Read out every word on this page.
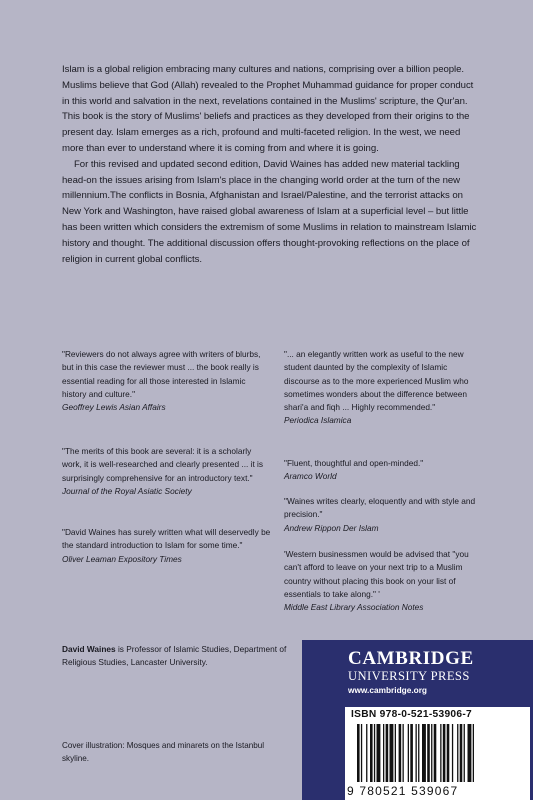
Islam is a global religion embracing many cultures and nations, comprising over a billion people. Muslims believe that God (Allah) revealed to the Prophet Muhammad guidance for proper conduct in this world and salvation in the next, revelations contained in the Muslims' scripture, the Qur'an. This book is the story of Muslims' beliefs and practices as they developed from their origins to the present day. Islam emerges as a rich, profound and multi-faceted religion. In the west, we need more than ever to understand where it is coming from and where it is going.

For this revised and updated second edition, David Waines has added new material tackling head-on the issues arising from Islam's place in the changing world order at the turn of the new millennium.The conflicts in Bosnia, Afghanistan and Israel/Palestine, and the terrorist attacks on New York and Washington, have raised global awareness of Islam at a superficial level – but little has been written which considers the extremism of some Muslims in relation to mainstream Islamic history and thought. The additional discussion offers thought-provoking reflections on the place of religion in current global conflicts.

"Reviewers do not always agree with writers of blurbs, but in this case the reviewer must ... the book really is essential reading for all those interested in Islamic history and culture."

Geoffrey Lewis Asian Affairs

"The merits of this book are several: it is a scholarly work, it is well-researched and clearly presented ... it is surprisingly comprehensive for an introductory text."

Journal of the Royal Asiatic Society

"David Waines has surely written what will deservedly be the standard introduction to Islam for some time."

Oliver Leaman Expository Times

"... an elegantly written work as useful to the new student daunted by the complexity of Islamic discourse as to the more experienced Muslim who sometimes wonders about the difference between shari'a and fiqh ... Highly recommended."

Periodica Islamica

"Fluent, thoughtful and open-minded."

Aramco World

"Waines writes clearly, eloquently and with style and precision."

Andrew Rippon Der Islam

'Western businessmen would be advised that "you can't afford to leave on your next trip to a Muslim country without placing this book on your list of essentials to take along." '

Middle East Library Association Notes

David Waines is Professor of Islamic Studies, Department of Religious Studies, Lancaster University.
Cover illustration: Mosques and minarets on the Istanbul skyline.
CAMBRIDGE
UNIVERSITY PRESS
www.cambridge.org
ISBN 978-0-521-53906-7
9 780521 539067
